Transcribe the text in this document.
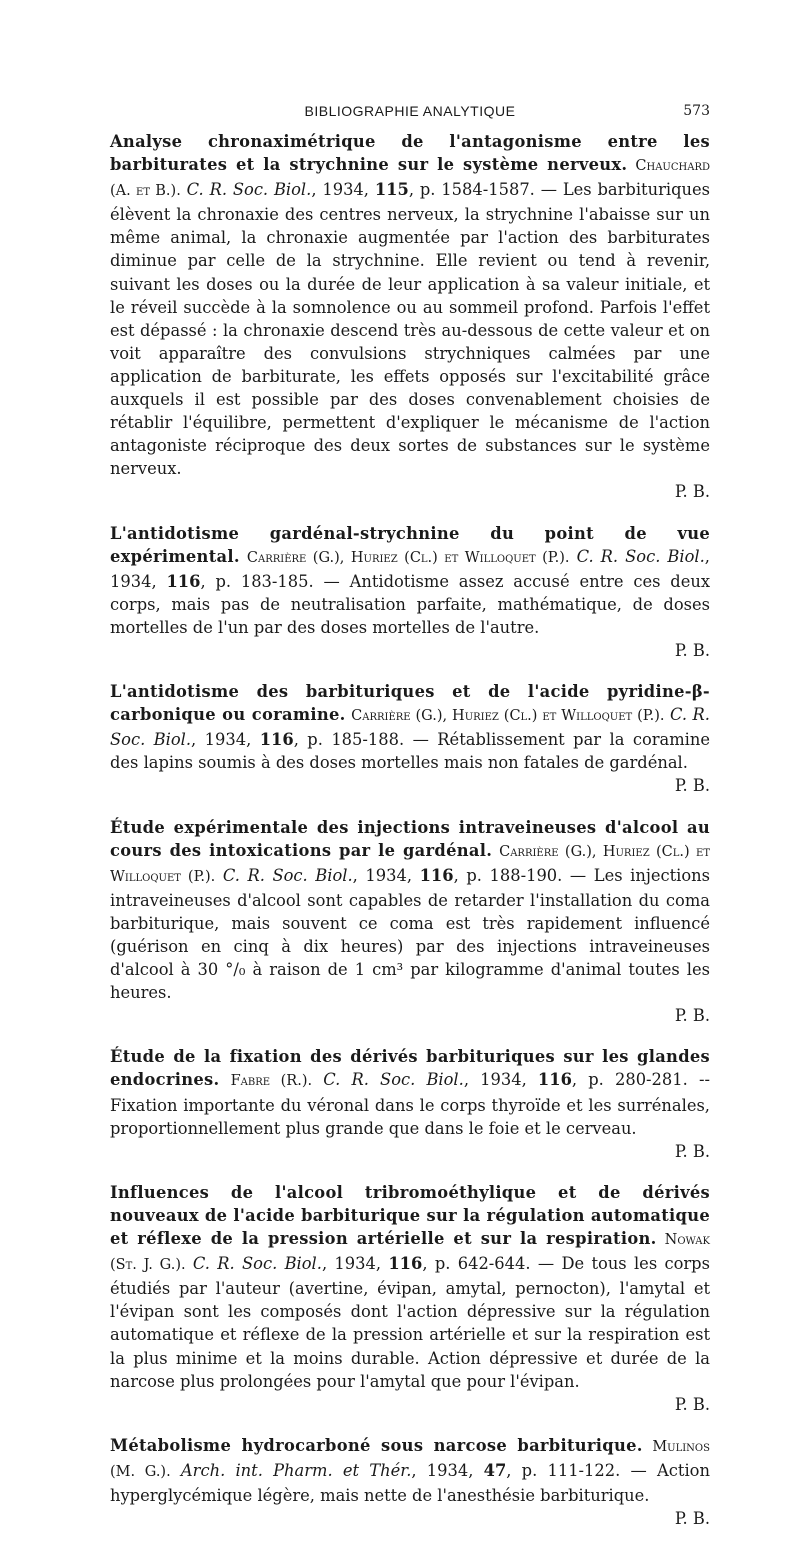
BIBLIOGRAPHIE ANALYTIQUE	573
Analyse chronaximétrique de l'antagonisme entre les barbiturates et la strychnine sur le système nerveux. Chauchard (A. et B.). C. R. Soc. Biol., 1934, 115, p. 1584-1587. — Les barbituriques élèvent la chronaxie des centres nerveux, la strychnine l'abaisse sur un même animal, la chronaxie augmentée par l'action des barbiturates diminue par celle de la strychnine. Elle revient ou tend à revenir, suivant les doses ou la durée de leur application à sa valeur initiale, et le réveil succède à la somnolence ou au sommeil profond. Parfois l'effet est dépassé : la chronaxie descend très au-dessous de cette valeur et on voit apparaître des convulsions strychniques calmées par une application de barbiturate, les effets opposés sur l'excitabilité grâce auxquels il est possible par des doses convenablement choisies de rétablir l'équilibre, permettent d'expliquer le mécanisme de l'action antagoniste réciproque des deux sortes de substances sur le système nerveux.
P. B.
L'antidotisme gardénal-strychnine du point de vue expérimental. Carrière (G.), Huriez (Cl.) et Willoquet (P.). C. R. Soc. Biol., 1934, 116, p. 183-185. — Antidotisme assez accusé entre ces deux corps, mais pas de neutralisation parfaite, mathématique, de doses mortelles de l'un par des doses mortelles de l'autre.
P. B.
L'antidotisme des barbituriques et de l'acide pyridine-β-carbonique ou coramine. Carrière (G.), Huriez (Cl.) et Willoquet (P.). C. R. Soc. Biol., 1934, 116, p. 185-188. — Rétablissement par la coramine des lapins soumis à des doses mortelles mais non fatales de gardénal.
P. B.
Étude expérimentale des injections intraveineuses d'alcool au cours des intoxications par le gardénal. Carrière (G.), Huriez (Cl.) et Willoquet (P.). C. R. Soc. Biol., 1934, 116, p. 188-190. — Les injections intraveineuses d'alcool sont capables de retarder l'installation du coma barbiturique, mais souvent ce coma est très rapidement influencé (guérison en cinq à dix heures) par des injections intraveineuses d'alcool à 30 °/₀ à raison de 1 cm³ par kilogramme d'animal toutes les heures.
P. B.
Étude de la fixation des dérivés barbituriques sur les glandes endocrines. Fabre (R.). C. R. Soc. Biol., 1934, 116, p. 280-281. -- Fixation importante du véronal dans le corps thyroïde et les surrénales, proportionnellement plus grande que dans le foie et le cerveau.
P. B.
Influences de l'alcool tribromoéthylique et de dérivés nouveaux de l'acide barbiturique sur la régulation automatique et réflexe de la pression artérielle et sur la respiration. Nowak (St. J. G.). C. R. Soc. Biol., 1934, 116, p. 642-644. — De tous les corps étudiés par l'auteur (avertine, évipan, amytal, pernocton), l'amytal et l'évipan sont les composés dont l'action dépressive sur la régulation automatique et réflexe de la pression artérielle et sur la respiration est la plus minime et la moins durable. Action dépressive et durée de la narcose plus prolongées pour l'amytal que pour l'évipan.
P. B.
Métabolisme hydrocarboné sous narcose barbiturique. Mulinos (M. G.). Arch. int. Pharm. et Thér., 1934, 47, p. 111-122. — Action hyperglycémique légère, mais nette de l'anesthésie barbiturique.
P. B.
